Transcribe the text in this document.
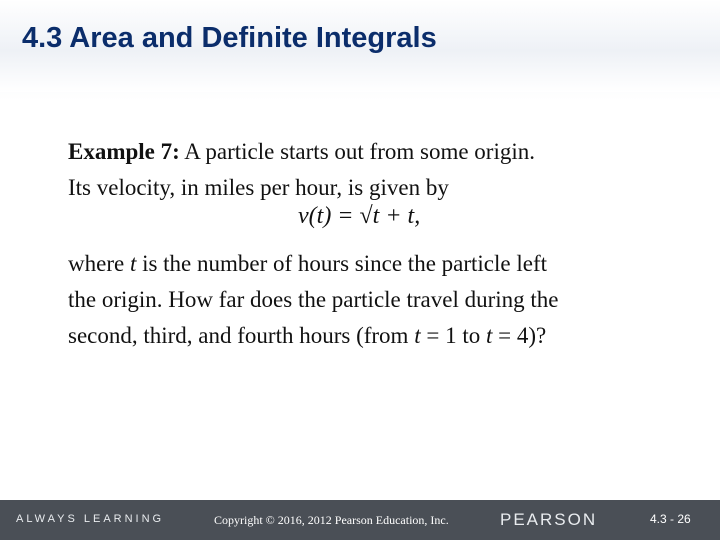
4.3 Area and Definite Integrals
Example 7: A particle starts out from some origin.
Its velocity, in miles per hour, is given by
v(t) = √t + t,
where t is the number of hours since the particle left
the origin. How far does the particle travel during the
second, third, and fourth hours (from t = 1 to t = 4)?
ALWAYS LEARNING	Copyright © 2016, 2012 Pearson Education, Inc.	PEARSON	4.3 - 26
